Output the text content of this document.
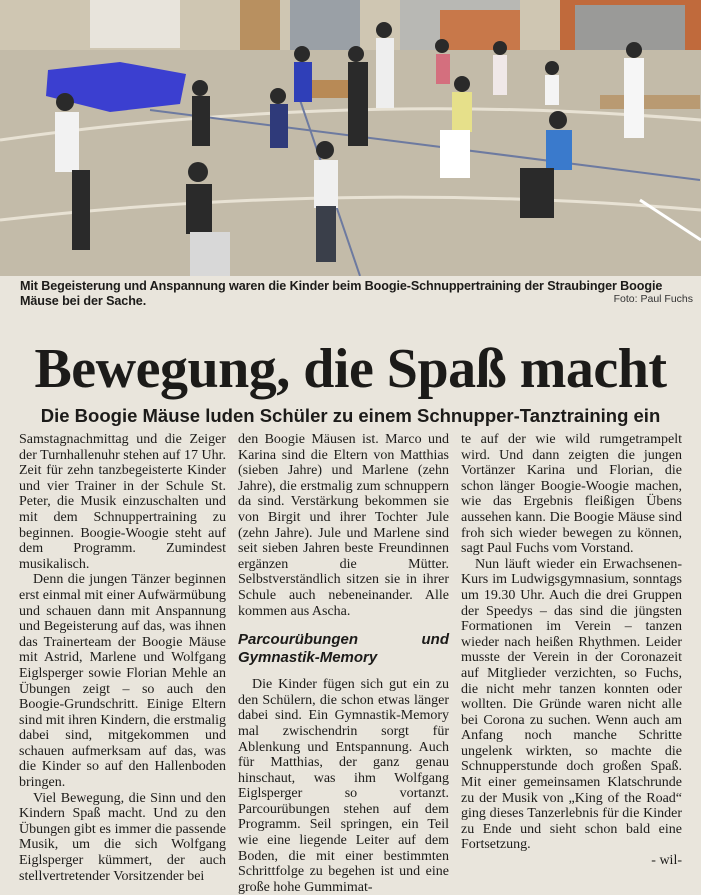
Mit Begeisterung und Anspannung waren die Kinder beim Boogie-Schnuppertraining der Straubinger Boogie Mäuse bei der Sache.	Foto: Paul Fuchs
Bewegung, die Spaß macht
Die Boogie Mäuse luden Schüler zu einem Schnupper-Tanztraining ein

Samstagnachmittag und die Zeiger der Turnhallenuhr stehen auf 17 Uhr. Zeit für zehn tanzbegeisterte Kinder und vier Trainer in der Schule St. Peter, die Musik einzuschalten und mit dem Schnuppertraining zu beginnen. Boogie-Woogie steht auf dem Programm. Zumindest musikalisch.

Denn die jungen Tänzer beginnen erst einmal mit einer Aufwärmübung und schauen dann mit Anspannung und Begeisterung auf das, was ihnen das Trainerteam der Boogie Mäuse mit Astrid, Marlene und Wolfgang Eiglsperger sowie Florian Mehle an Übungen zeigt – so auch den Boogie-Grundschritt. Einige Eltern sind mit ihren Kindern, die erstmalig dabei sind, mitgekommen und schauen aufmerksam auf das, was die Kinder so auf den Hallenboden bringen.

Viel Bewegung, die Sinn und den Kindern Spaß macht. Und zu den Übungen gibt es immer die passende Musik, um die sich Wolfgang Eiglsperger kümmert, der auch stellvertretender Vorsitzender bei

den Boogie Mäusen ist. Marco und Karina sind die Eltern von Matthias (sieben Jahre) und Marlene (zehn Jahre), die erstmalig zum schnuppern da sind. Verstärkung bekommen sie von Birgit und ihrer Tochter Jule (zehn Jahre). Jule und Marlene sind seit sieben Jahren beste Freundinnen ergänzen die Mütter. Selbstverständlich sitzen sie in ihrer Schule auch nebeneinander. Alle kommen aus Ascha.

Parcourübungen und Gymnastik-Memory

Die Kinder fügen sich gut ein zu den Schülern, die schon etwas länger dabei sind. Ein Gymnastik-Memory mal zwischendrin sorgt für Ablenkung und Entspannung. Auch für Matthias, der ganz genau hinschaut, was ihm Wolfgang Eiglsperger so vortanzt. Parcourübungen stehen auf dem Programm. Seil springen, ein Teil wie eine liegende Leiter auf dem Boden, die mit einer bestimmten Schrittfolge zu begehen ist und eine große hohe Gummimat-

te auf der wie wild rumgetrampelt wird. Und dann zeigten die jungen Vortänzer Karina und Florian, die schon länger Boogie-Woogie machen, wie das Ergebnis fleißigen Übens aussehen kann. Die Boogie Mäuse sind froh sich wieder bewegen zu können, sagt Paul Fuchs vom Vorstand.

Nun läuft wieder ein Erwachsenen-Kurs im Ludwigsgymnasium, sonntags um 19.30 Uhr. Auch die drei Gruppen der Speedys – das sind die jüngsten Formationen im Verein – tanzen wieder nach heißen Rhythmen. Leider musste der Verein in der Coronazeit auf Mitglieder verzichten, so Fuchs, die nicht mehr tanzen konnten oder wollten. Die Gründe waren nicht alle bei Corona zu suchen. Wenn auch am Anfang noch manche Schritte ungelenk wirkten, so machte die Schnupperstunde doch großen Spaß. Mit einer gemeinsamen Klatschrunde zu der Musik von „King of the Road“ ging dieses Tanzerlebnis für die Kinder zu Ende und sieht schon bald eine Fortsetzung.

- wil-
